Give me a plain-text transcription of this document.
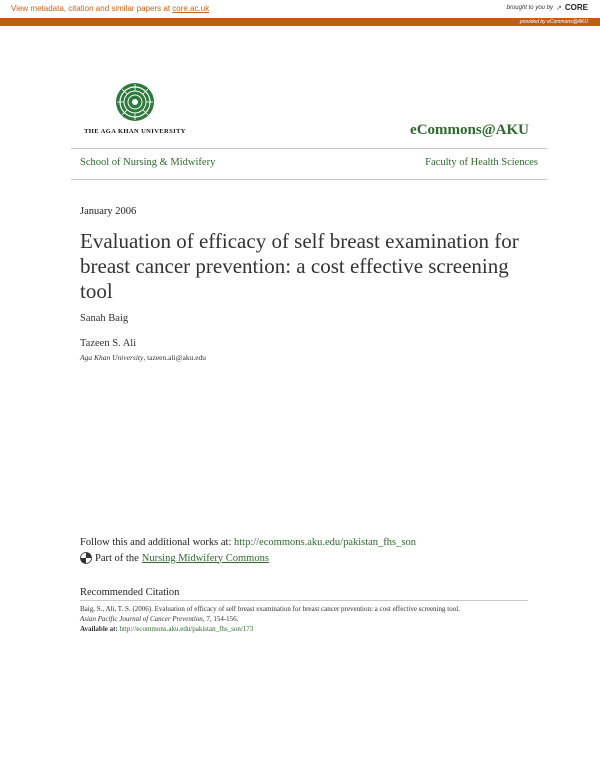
View metadata, citation and similar papers at core.ac.uk	brought to you by ↗ CORE
provided by eCommons@AKU
THE AGA KHAN UNIVERSITY	eCommons@AKU
School of Nursing & Midwifery	Faculty of Health Sciences
January 2006
Evaluation of efficacy of self breast examination for breast cancer prevention: a cost effective screening tool
Sanah Baig
Tazeen S. Ali
Aga Khan University, tazeen.ali@aku.edu
Follow this and additional works at: http://ecommons.aku.edu/pakistan_fhs_son
Part of the Nursing Midwifery Commons
Recommended Citation
Baig, S., Ali, T. S. (2006). Evaluation of efficacy of self breast examination for breast cancer prevention: a cost effective screening tool.
Asian Pacific Journal of Cancer Prevention, 7, 154-156.
Available at: http://ecommons.aku.edu/pakistan_fhs_son/173
